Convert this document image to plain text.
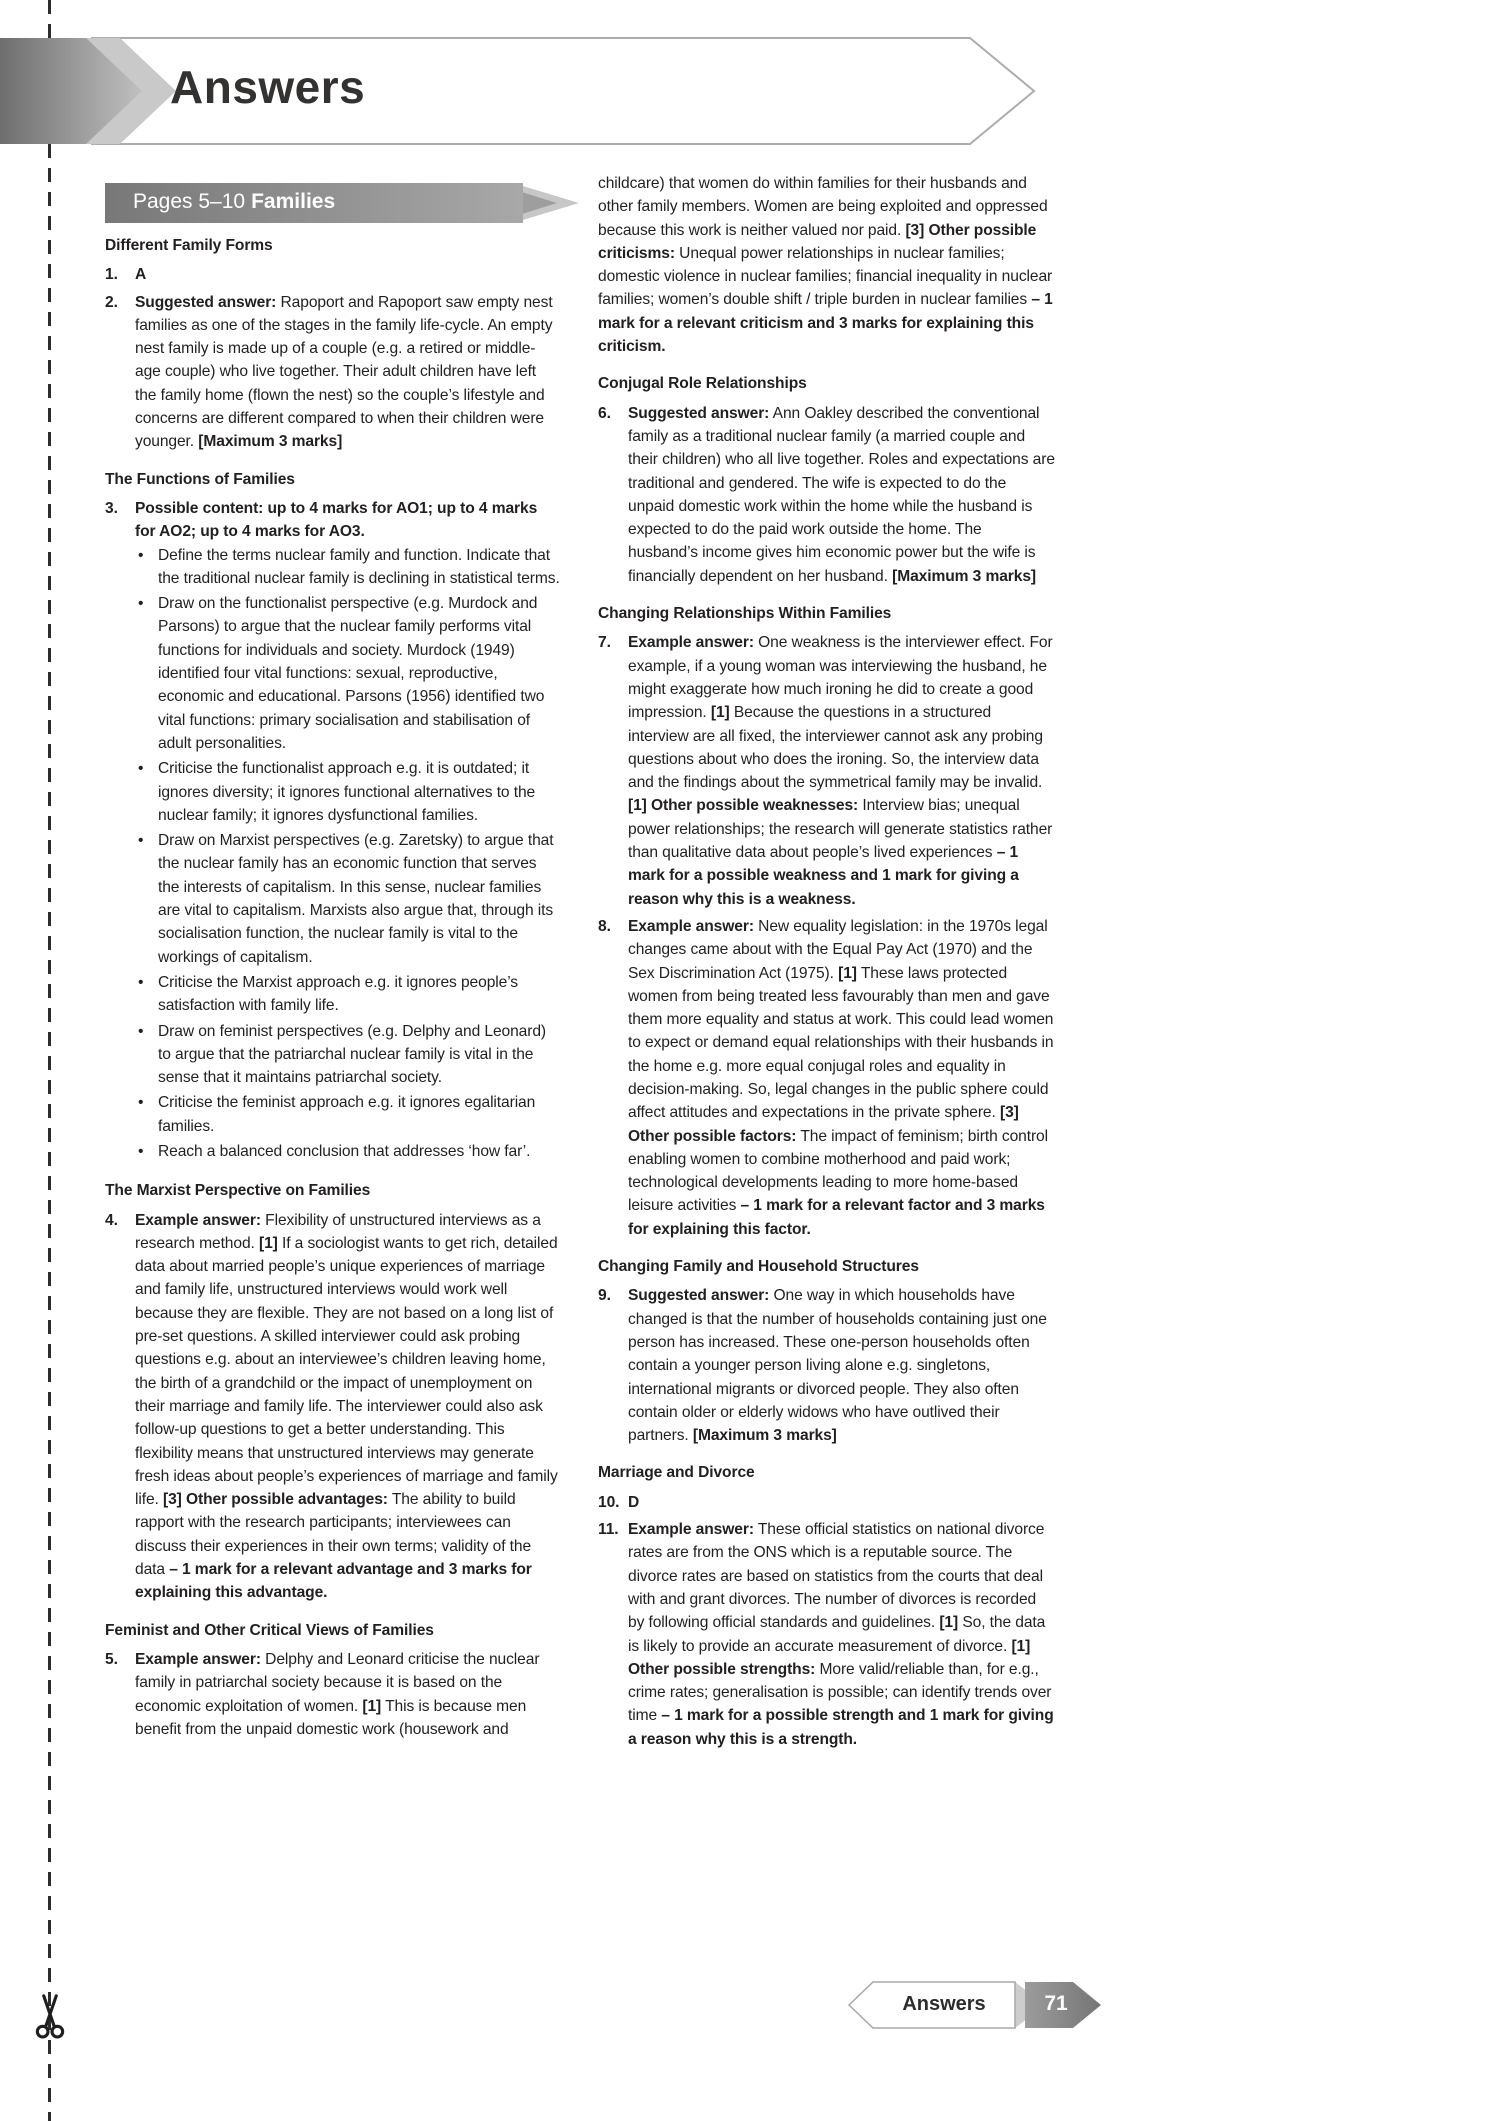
Answers
Pages 5–10 Families
Different Family Forms
1.	A

2.	Suggested answer: Rapoport and Rapoport saw empty nest families as one of the stages in the family life-cycle. An empty nest family is made up of a couple (e.g. a retired or middle-age couple) who live together. Their adult children have left the family home (flown the nest) so the couple’s lifestyle and concerns are different compared to when their children were younger. [Maximum 3 marks]

The Functions of Families
3.	Possible content: up to 4 marks for AO1; up to 4 marks for AO2; up to 4 marks for AO3.

• Define the terms nuclear family and function. Indicate that the traditional nuclear family is declining in statistical terms.
• Draw on the functionalist perspective (e.g. Murdock and Parsons) to argue that the nuclear family performs vital functions for individuals and society. Murdock (1949) identified four vital functions: sexual, reproductive, economic and educational. Parsons (1956) identified two vital functions: primary socialisation and stabilisation of adult personalities.
• Criticise the functionalist approach e.g. it is outdated; it ignores diversity; it ignores functional alternatives to the nuclear family; it ignores dysfunctional families.
• Draw on Marxist perspectives (e.g. Zaretsky) to argue that the nuclear family has an economic function that serves the interests of capitalism. In this sense, nuclear families are vital to capitalism. Marxists also argue that, through its socialisation function, the nuclear family is vital to the workings of capitalism.
• Criticise the Marxist approach e.g. it ignores people’s satisfaction with family life.
• Draw on feminist perspectives (e.g. Delphy and Leonard) to argue that the patriarchal nuclear family is vital in the sense that it maintains patriarchal society.
• Criticise the feminist approach e.g. it ignores egalitarian families.
• Reach a balanced conclusion that addresses ‘how far’.
The Marxist Perspective on Families
4.	Example answer: Flexibility of unstructured interviews as a research method. [1] If a sociologist wants to get rich, detailed data about married people’s unique experiences of marriage and family life, unstructured interviews would work well because they are flexible. They are not based on a long list of pre-set questions. A skilled interviewer could ask probing questions e.g. about an interviewee’s children leaving home, the birth of a grandchild or the impact of unemployment on their marriage and family life. The interviewer could also ask follow-up questions to get a better understanding. This flexibility means that unstructured interviews may generate fresh ideas about people’s experiences of marriage and family life. [3] Other possible advantages: The ability to build rapport with the research participants; interviewees can discuss their experiences in their own terms; validity of the data – 1 mark for a relevant advantage and 3 marks for explaining this advantage.

Feminist and Other Critical Views of Families
5.	Example answer: Delphy and Leonard criticise the nuclear family in patriarchal society because it is based on the economic exploitation of women. [1] This is because men benefit from the unpaid domestic work (housework and

childcare) that women do within families for their husbands and other family members. Women are being exploited and oppressed because this work is neither valued nor paid. [3] Other possible criticisms: Unequal power relationships in nuclear families; domestic violence in nuclear families; financial inequality in nuclear families; women’s double shift / triple burden in nuclear families – 1 mark for a relevant criticism and 3 marks for explaining this criticism.

Conjugal Role Relationships
6.	Suggested answer: Ann Oakley described the conventional family as a traditional nuclear family (a married couple and their children) who all live together. Roles and expectations are traditional and gendered. The wife is expected to do the unpaid domestic work within the home while the husband is expected to do the paid work outside the home. The husband’s income gives him economic power but the wife is financially dependent on her husband. [Maximum 3 marks]

Changing Relationships Within Families
7.	Example answer: One weakness is the interviewer effect. For example, if a young woman was interviewing the husband, he might exaggerate how much ironing he did to create a good impression. [1] Because the questions in a structured interview are all fixed, the interviewer cannot ask any probing questions about who does the ironing. So, the interview data and the findings about the symmetrical family may be invalid. [1] Other possible weaknesses: Interview bias; unequal power relationships; the research will generate statistics rather than qualitative data about people’s lived experiences – 1 mark for a possible weakness and 1 mark for giving a reason why this is a weakness.

8.	Example answer: New equality legislation: in the 1970s legal changes came about with the Equal Pay Act (1970) and the Sex Discrimination Act (1975). [1] These laws protected women from being treated less favourably than men and gave them more equality and status at work. This could lead women to expect or demand equal relationships with their husbands in the home e.g. more equal conjugal roles and equality in decision-making. So, legal changes in the public sphere could affect attitudes and expectations in the private sphere. [3] Other possible factors: The impact of feminism; birth control enabling women to combine motherhood and paid work; technological developments leading to more home-based leisure activities – 1 mark for a relevant factor and 3 marks for explaining this factor.

Changing Family and Household Structures
9.	Suggested answer: One way in which households have changed is that the number of households containing just one person has increased. These one-person households often contain a younger person living alone e.g. singletons, international migrants or divorced people. They also often contain older or elderly widows who have outlived their partners. [Maximum 3 marks]

Marriage and Divorce
10. D

11. Example answer: These official statistics on national divorce rates are from the ONS which is a reputable source. The divorce rates are based on statistics from the courts that deal with and grant divorces. The number of divorces is recorded by following official standards and guidelines. [1] So, the data is likely to provide an accurate measurement of divorce. [1] Other possible strengths: More valid/reliable than, for e.g., crime rates; generalisation is possible; can identify trends over time – 1 mark for a possible strength and 1 mark for giving a reason why this is a strength.

Answers	71
